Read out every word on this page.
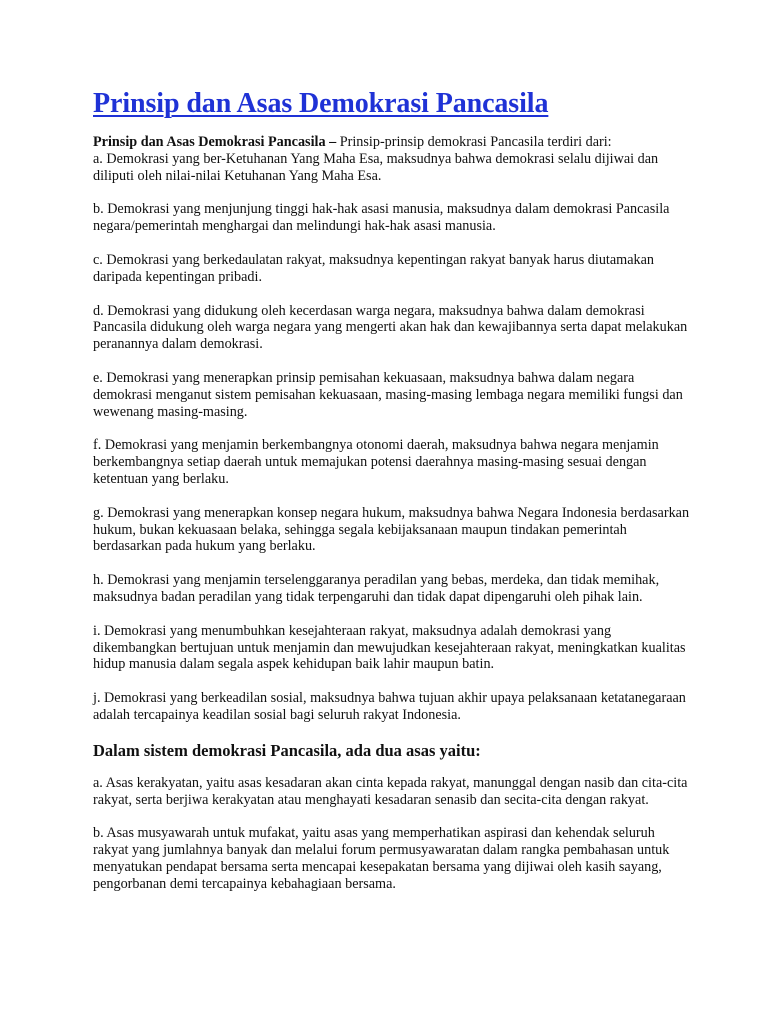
Prinsip dan Asas Demokrasi Pancasila

Prinsip dan Asas Demokrasi Pancasila – Prinsip-prinsip demokrasi Pancasila terdiri dari:
a. Demokrasi yang ber-Ketuhanan Yang Maha Esa, maksudnya bahwa demokrasi selalu dijiwai dan diliputi oleh nilai-nilai Ketuhanan Yang Maha Esa.

b. Demokrasi yang menjunjung tinggi hak-hak asasi manusia, maksudnya dalam demokrasi Pancasila negara/pemerintah menghargai dan melindungi hak-hak asasi manusia.

c. Demokrasi yang berkedaulatan rakyat, maksudnya kepentingan rakyat banyak harus diutamakan daripada kepentingan pribadi.

d. Demokrasi yang didukung oleh kecerdasan warga negara, maksudnya bahwa dalam demokrasi Pancasila didukung oleh warga negara yang mengerti akan hak dan kewajibannya serta dapat melakukan peranannya dalam demokrasi.

e. Demokrasi yang menerapkan prinsip pemisahan kekuasaan, maksudnya bahwa dalam negara demokrasi menganut sistem pemisahan kekuasaan, masing-masing lembaga negara memiliki fungsi dan wewenang masing-masing.

f. Demokrasi yang menjamin berkembangnya otonomi daerah, maksudnya bahwa negara menjamin berkembangnya setiap daerah untuk memajukan potensi daerahnya masing-masing sesuai dengan ketentuan yang berlaku.

g. Demokrasi yang menerapkan konsep negara hukum, maksudnya bahwa Negara Indonesia berdasarkan hukum, bukan kekuasaan belaka, sehingga segala kebijaksanaan maupun tindakan pemerintah berdasarkan pada hukum yang berlaku.

h. Demokrasi yang menjamin terselenggaranya peradilan yang bebas, merdeka, dan tidak memihak, maksudnya badan peradilan yang tidak terpengaruhi dan tidak dapat dipengaruhi oleh pihak lain.

i. Demokrasi yang menumbuhkan kesejahteraan rakyat, maksudnya adalah demokrasi yang dikembangkan bertujuan untuk menjamin dan mewujudkan kesejahteraan rakyat, meningkatkan kualitas hidup manusia dalam segala aspek kehidupan baik lahir maupun batin.

j. Demokrasi yang berkeadilan sosial, maksudnya bahwa tujuan akhir upaya pelaksanaan ketatanegaraan adalah tercapainya keadilan sosial bagi seluruh rakyat Indonesia.

Dalam sistem demokrasi Pancasila, ada dua asas yaitu:

a. Asas kerakyatan, yaitu asas kesadaran akan cinta kepada rakyat, manunggal dengan nasib dan cita-cita rakyat, serta berjiwa kerakyatan atau menghayati kesadaran senasib dan secita-cita dengan rakyat.

b. Asas musyawarah untuk mufakat, yaitu asas yang memperhatikan aspirasi dan kehendak seluruh rakyat yang jumlahnya banyak dan melalui forum permusyawaratan dalam rangka pembahasan untuk menyatukan pendapat bersama serta mencapai kesepakatan bersama yang dijiwai oleh kasih sayang, pengorbanan demi tercapainya kebahagiaan bersama.
